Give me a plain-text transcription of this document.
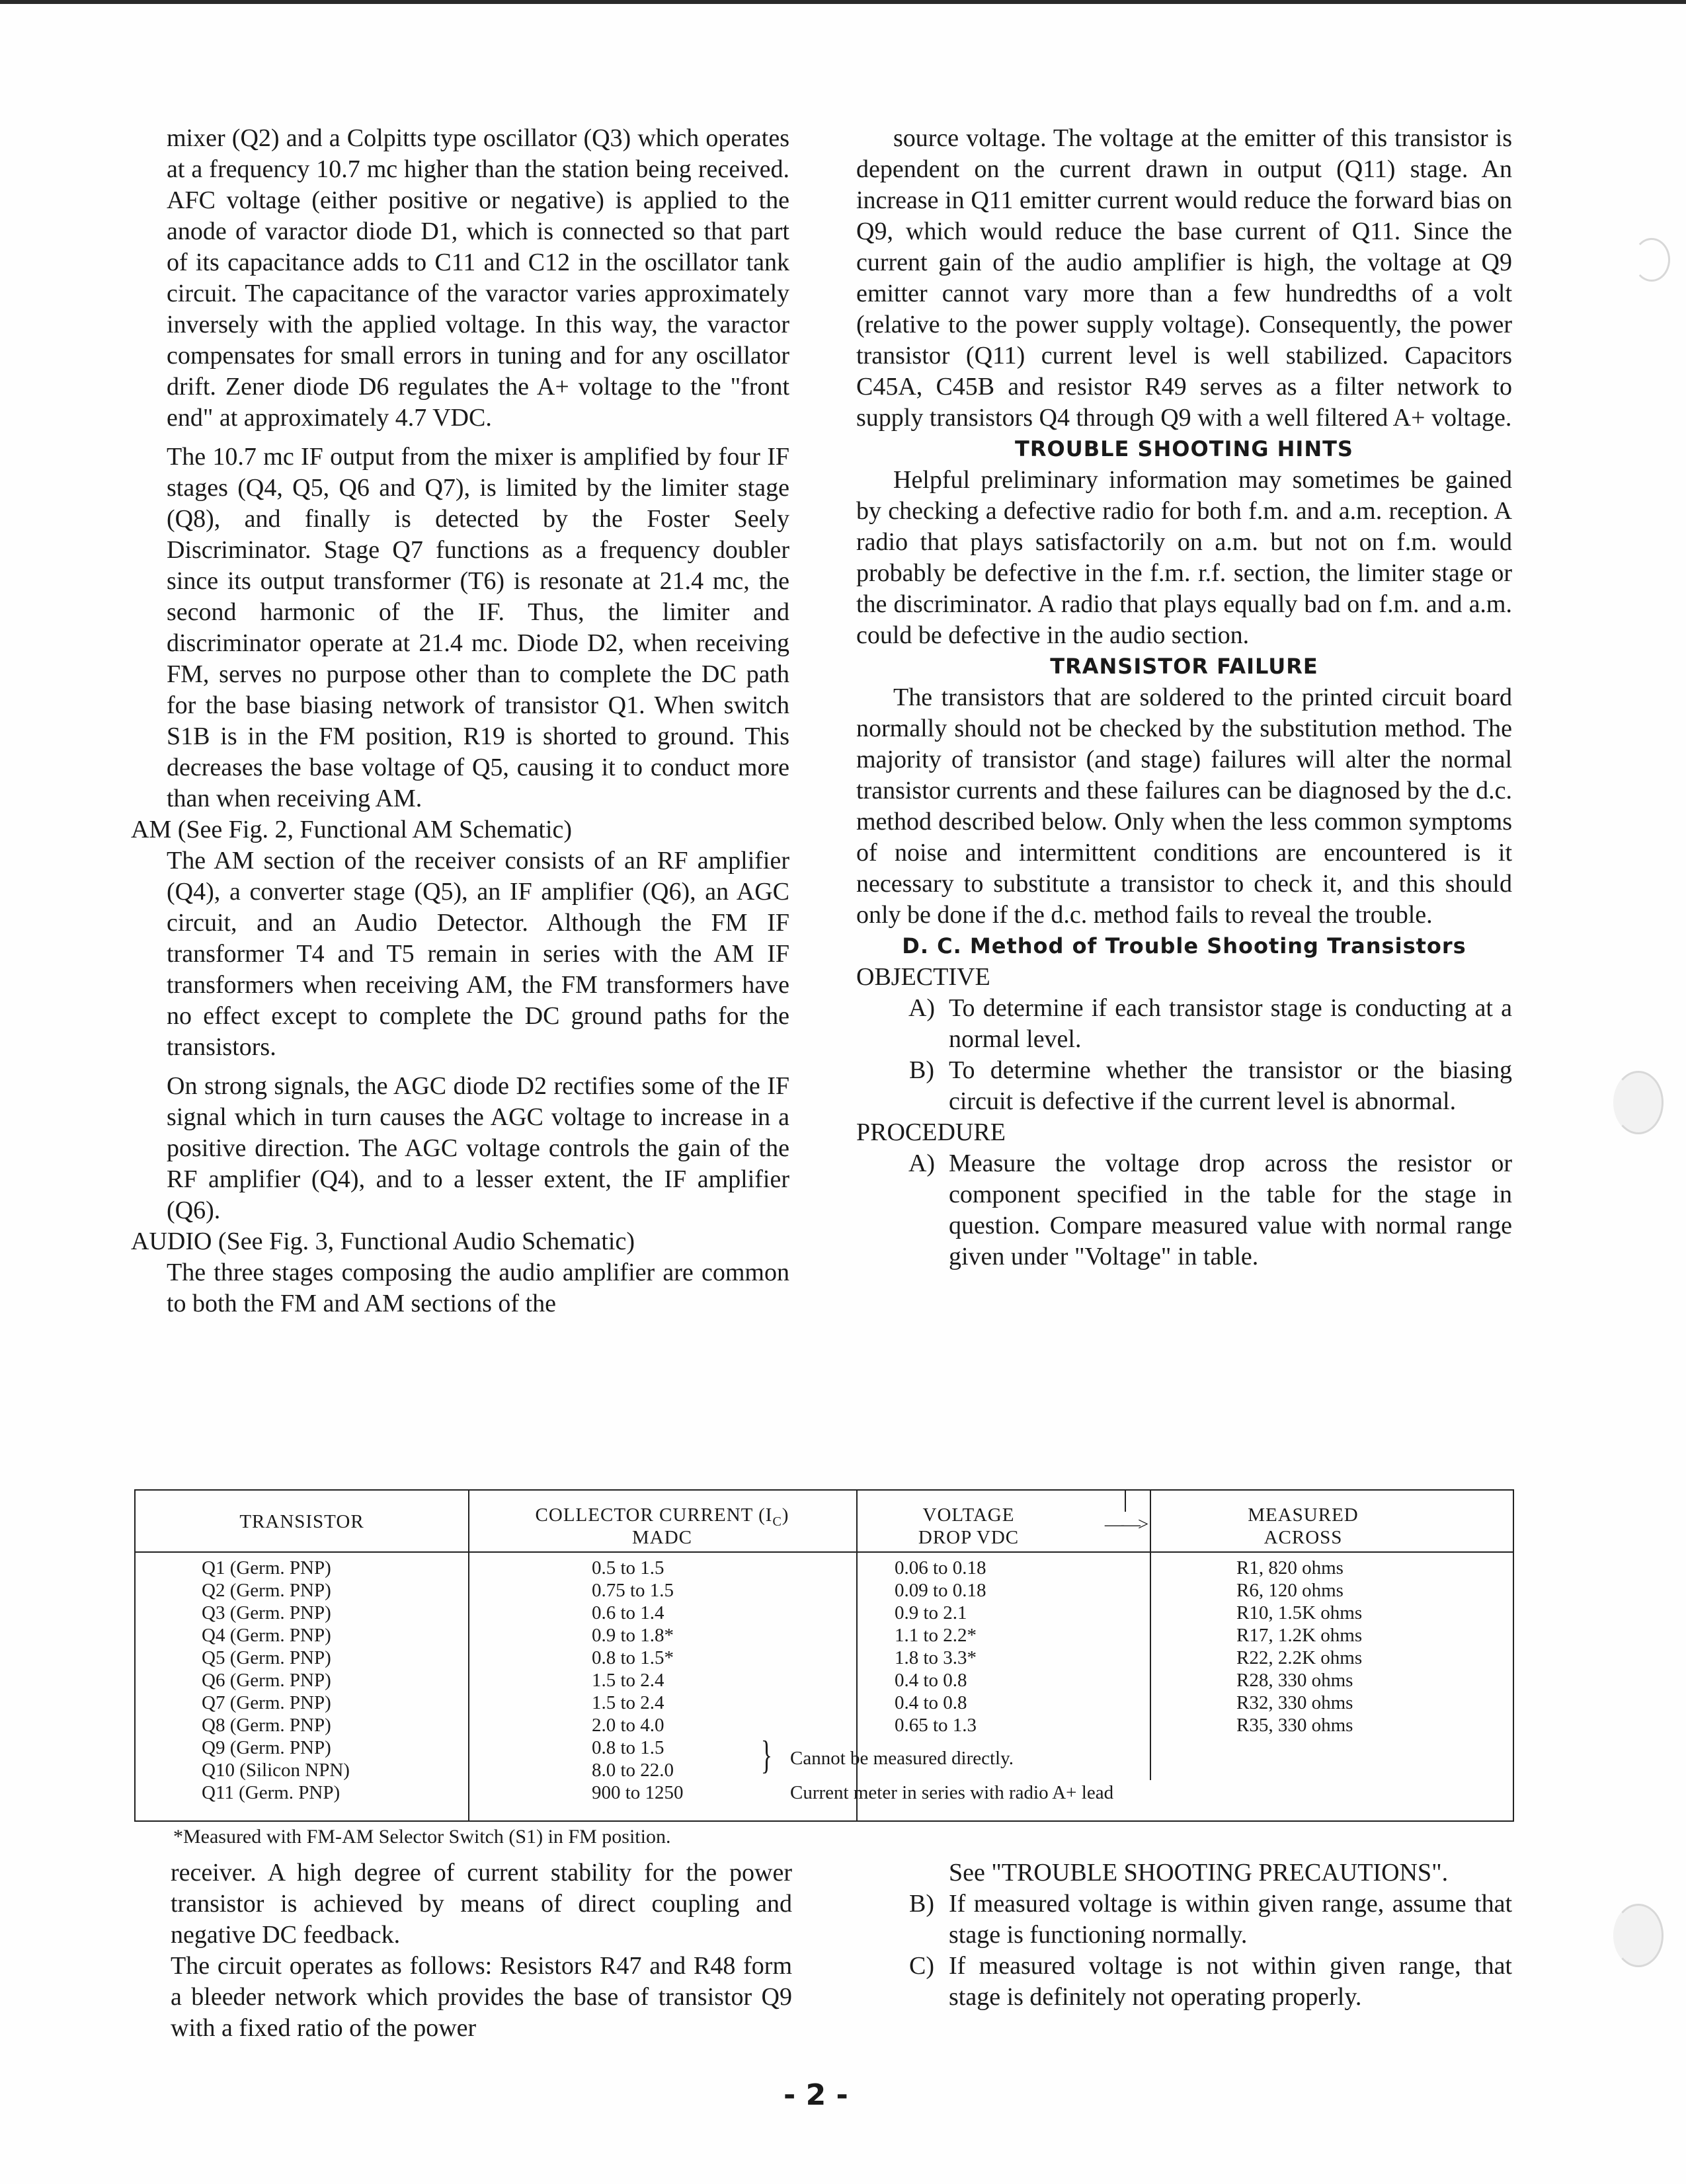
mixer (Q2) and a Colpitts type oscillator (Q3) which operates at a frequency 10.7 mc higher than the station being received. AFC voltage (either positive or negative) is applied to the anode of varactor diode D1, which is connected so that part of its capacitance adds to C11 and C12 in the oscillator tank circuit. The capacitance of the varactor varies approximately inversely with the applied voltage. In this way, the varactor compensates for small errors in tuning and for any oscillator drift. Zener diode D6 regulates the A+ voltage to the "front end" at approximately 4.7 VDC.

The 10.7 mc IF output from the mixer is amplified by four IF stages (Q4, Q5, Q6 and Q7), is limited by the limiter stage (Q8), and finally is detected by the Foster Seely Discriminator. Stage Q7 functions as a frequency doubler since its output transformer (T6) is resonate at 21.4 mc, the second harmonic of the IF. Thus, the limiter and discriminator operate at 21.4 mc. Diode D2, when receiving FM, serves no purpose other than to complete the DC path for the base biasing network of transistor Q1. When switch S1B is in the FM position, R19 is shorted to ground. This decreases the base voltage of Q5, causing it to conduct more than when receiving AM.

AM (See Fig. 2, Functional AM Schematic)

The AM section of the receiver consists of an RF amplifier (Q4), a converter stage (Q5), an IF amplifier (Q6), an AGC circuit, and an Audio Detector. Although the FM IF transformer T4 and T5 remain in series with the AM IF transformers when receiving AM, the FM transformers have no effect except to complete the DC ground paths for the transistors.

On strong signals, the AGC diode D2 rectifies some of the IF signal which in turn causes the AGC voltage to increase in a positive direction. The AGC voltage controls the gain of the RF amplifier (Q4), and to a lesser extent, the IF amplifier (Q6).

AUDIO (See Fig. 3, Functional Audio Schematic)

The three stages composing the audio amplifier are common to both the FM and AM sections of the

source voltage. The voltage at the emitter of this transistor is dependent on the current drawn in output (Q11) stage. An increase in Q11 emitter current would reduce the forward bias on Q9, which would reduce the base current of Q11. Since the current gain of the audio amplifier is high, the voltage at Q9 emitter cannot vary more than a few hundredths of a volt (relative to the power supply voltage). Consequently, the power transistor (Q11) current level is well stabilized. Capacitors C45A, C45B and resistor R49 serves as a filter network to supply transistors Q4 through Q9 with a well filtered A+ voltage.

TROUBLE SHOOTING HINTS

Helpful preliminary information may sometimes be gained by checking a defective radio for both f.m. and a.m. reception. A radio that plays satisfactorily on a.m. but not on f.m. would probably be defective in the f.m. r.f. section, the limiter stage or the discriminator. A radio that plays equally bad on f.m. and a.m. could be defective in the audio section.

TRANSISTOR FAILURE

The transistors that are soldered to the printed circuit board normally should not be checked by the substitution method. The majority of transistor (and stage) failures will alter the normal transistor currents and these failures can be diagnosed by the d.c. method described below. Only when the less common symptoms of noise and intermittent conditions are encountered is it necessary to substitute a transistor to check it, and this should only be done if the d.c. method fails to reveal the trouble.

D. C. Method of Trouble Shooting Transistors

OBJECTIVE

A) To determine if each transistor stage is conducting at a normal level.
B) To determine whether the transistor or the biasing circuit is defective if the current level is abnormal.

PROCEDURE

A) Measure the voltage drop across the resistor or component specified in the table for the stage in question. Compare measured value with normal range given under "Voltage" in table.
TRANSISTOR	COLLECTOR CURRENT $(I_C)$
MADC
VOLTAGE
DROP VDC
——>	MEASURED
ACROSS
Q1 (Germ. PNP)
Q2 (Germ. PNP)
Q3 (Germ. PNP)
Q4 (Germ. PNP)
Q5 (Germ. PNP)
Q6 (Germ. PNP)
Q7 (Germ. PNP)
Q8 (Germ. PNP)
Q9 (Germ. PNP)
Q10 (Silicon NPN)
Q11 (Germ. PNP)
0.5 to 1.5
0.75 to 1.5
0.6 to 1.4
0.9 to 1.8*
0.8 to 1.5*
1.5 to 2.4
1.5 to 2.4
2.0 to 4.0
0.8 to 1.5
8.0 to 22.0
900 to 1250
0.06 to 0.18
0.09 to 0.18
0.9 to 2.1
1.1 to 2.2*
1.8 to 3.3*
0.4 to 0.8
0.4 to 0.8
0.65 to 1.3
R1, 820 ohms
R6, 120 ohms
R10, 1.5K ohms
R17, 1.2K ohms
R22, 2.2K ohms
R28, 330 ohms
R32, 330 ohms
R35, 330 ohms
} Cannot be measured directly.
Current meter in series with radio A+ lead
*Measured with FM-AM Selector Switch (S1) in FM position.

receiver. A high degree of current stability for the power transistor is achieved by means of direct coupling and negative DC feedback.

The circuit operates as follows: Resistors R47 and R48 form a bleeder network which provides the base of transistor Q9 with a fixed ratio of the power

See "TROUBLE SHOOTING PRECAUTIONS".

B) If measured voltage is within given range, assume that stage is functioning normally.
C) If measured voltage is not within given range, that stage is definitely not operating properly.
- 2 -
